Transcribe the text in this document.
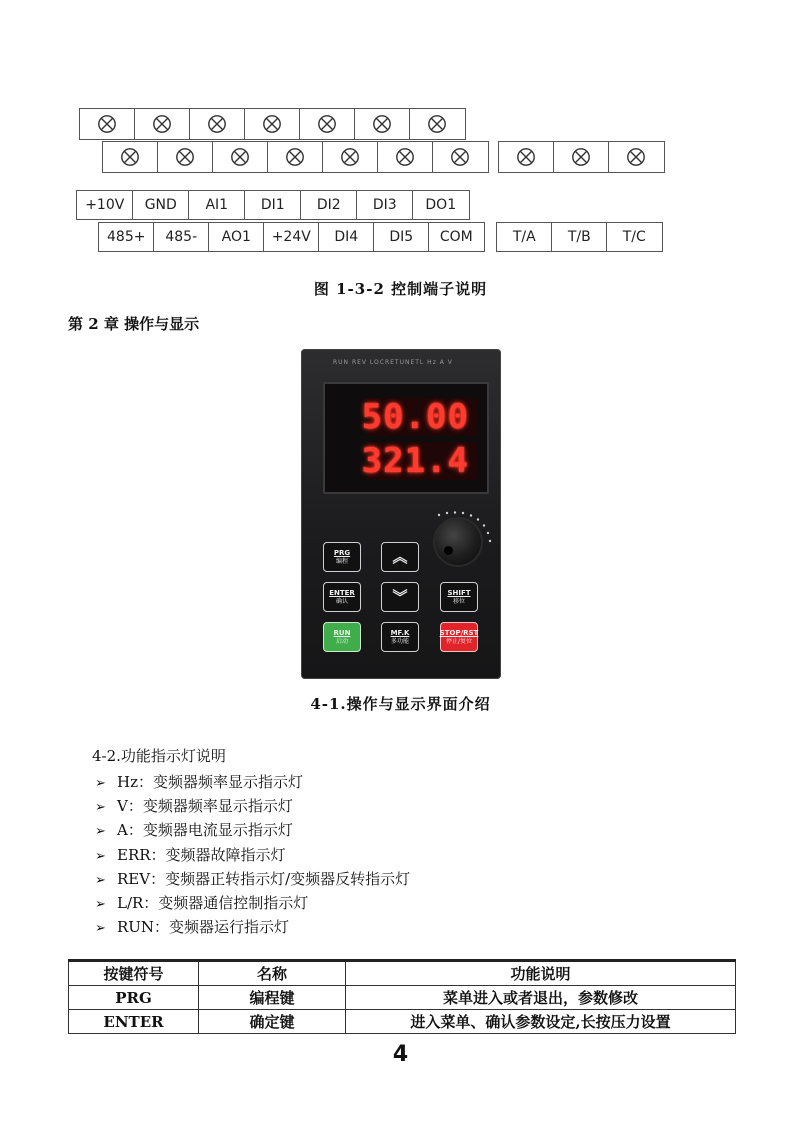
+10V	GND	AI1	DI1	DI2	DI3	DO1
485+	485-	AO1	+24V	DI4	DI5	COM	T/A	T/B	T/C
图 1-3-2 控制端子说明
第 2 章 操作与显示
RUN REV LOCRETUNETL Hz A V
50.00
321.4
PRG
编程	︽
ENTER
确认	︾	SHIFT
移位
RUN
启动
MF.K
多功能
STOP/RST
停止/复位
4-1.操作与显示界面介绍
4-2.功能指示灯说明
➢ Hz：变频器频率显示指示灯
➢ V：变频器频率显示指示灯
➢ A：变频器电流显示指示灯
➢ ERR：变频器故障指示灯
➢ REV：变频器正转指示灯/变频器反转指示灯
➢ L/R：变频器通信控制指示灯
➢ RUN：变频器运行指示灯
按键符号	名称	功能说明
PRG	编程键	菜单进入或者退出，参数修改
ENTER	确定键	进入菜单、确认参数设定,长按压力设置
4
